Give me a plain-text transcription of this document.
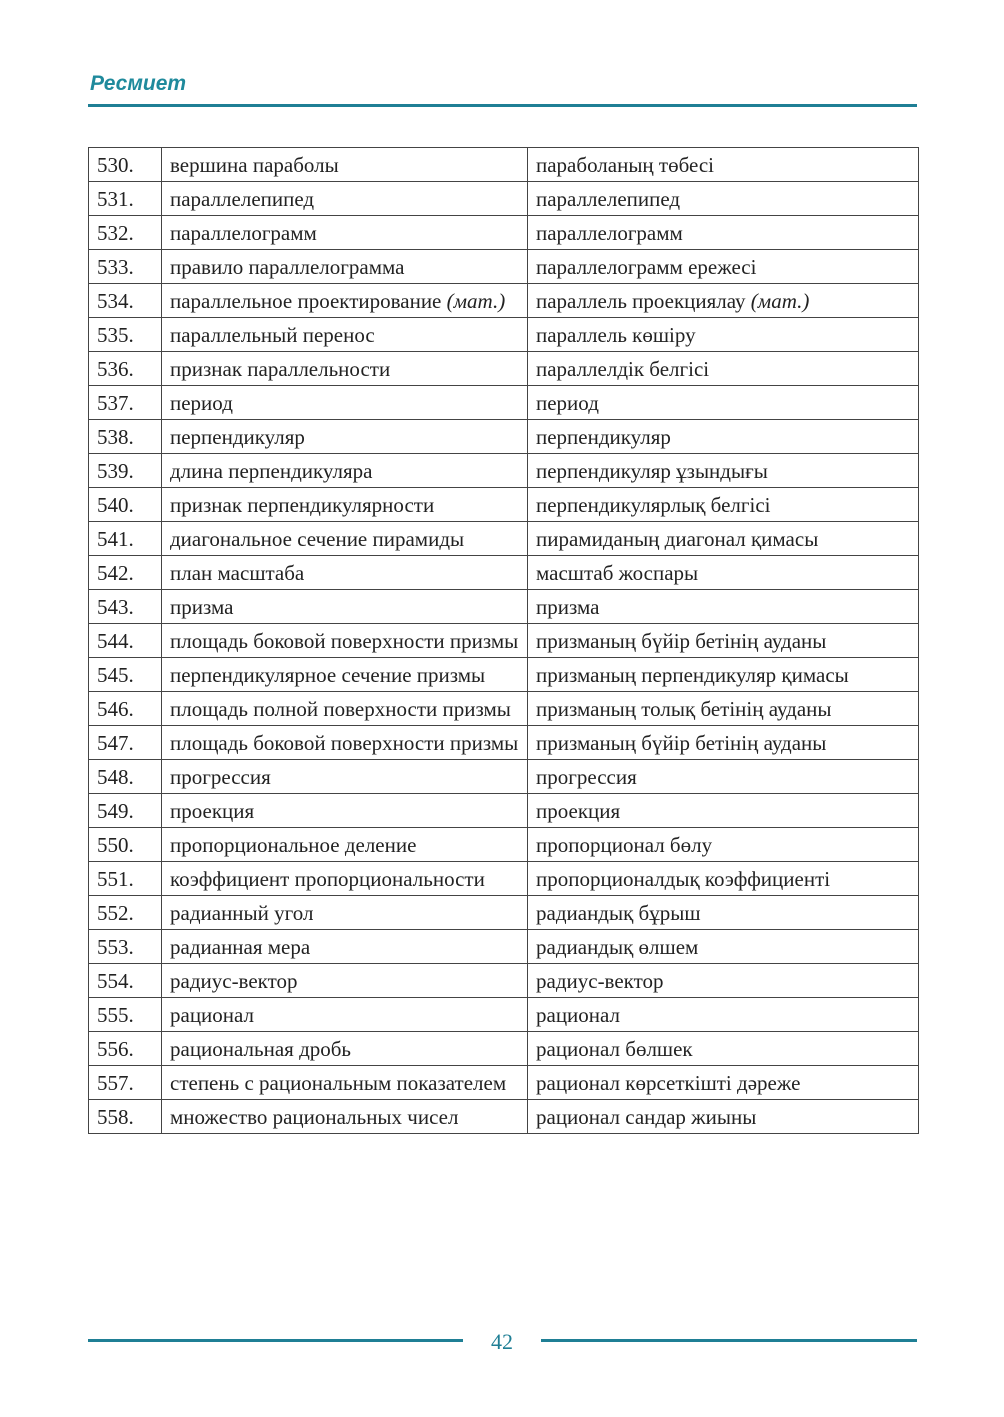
Ресмиет
530.	вершина параболы	параболаның төбесі
531.	параллелепипед	параллелепипед
532.	параллелограмм	параллелограмм
533.	правило параллелограмма	параллелограмм ережесі
534.	параллельное проектирование (мат.)	параллель проекциялау (мат.)
535.	параллельный перенос	параллель көшіру
536.	признак параллельности	параллелдік белгісі
537.	период	период
538.	перпендикуляр	перпендикуляр
539.	длина перпендикуляра	перпендикуляр ұзындығы
540.	признак перпендикулярности	перпендикулярлық белгісі
541.	диагональное сечение пирамиды	пирамиданың диагонал қимасы
542.	план масштаба	масштаб жоспары
543.	призма	призма
544.	площадь боковой поверхности призмы	призманың бүйір бетінің ауданы
545.	перпендикулярное сечение призмы	призманың перпендикуляр қимасы
546.	площадь полной поверхности призмы	призманың толық бетінің ауданы
547.	площадь боковой поверхности призмы	призманың бүйір бетінің ауданы
548.	прогрессия	прогрессия
549.	проекция	проекция
550.	пропорциональное деление	пропорционал бөлу
551.	коэффициент пропорциональности	пропорционалдық коэффициенті
552.	радианный угол	радиандық бұрыш
553.	радианная мера	радиандық өлшем
554.	радиус-вектор	радиус-вектор
555.	рационал	рационал
556.	рациональная дробь	рационал бөлшек
557.	степень с рациональным показателем	рационал көрсеткішті дәреже
558.	множество рациональных чисел	рационал сандар жиыны
42
